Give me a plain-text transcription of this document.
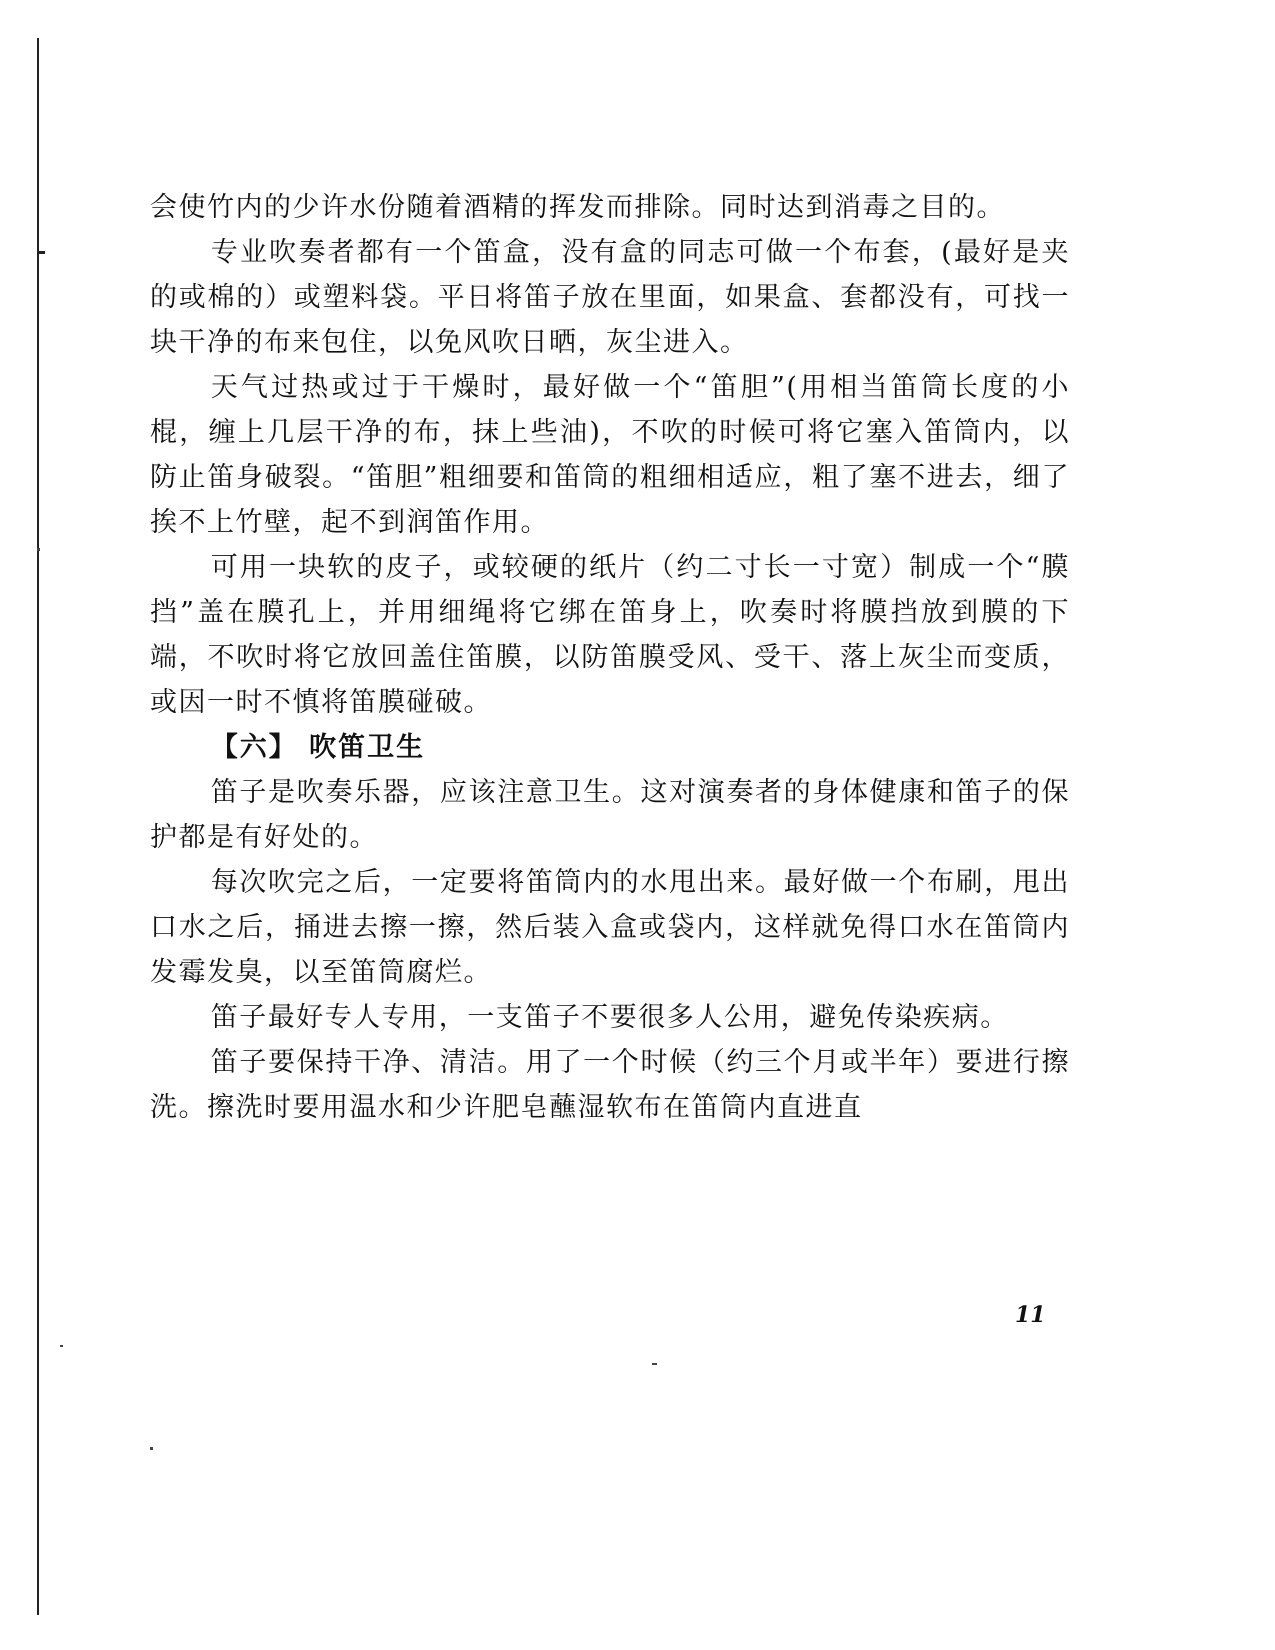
会使竹内的少许水份随着酒精的挥发而排除。同时达到消毒之目的。

专业吹奏者都有一个笛盒，没有盒的同志可做一个布套，(最好是夹的或棉的）或塑料袋。平日将笛子放在里面，如果盒、套都没有，可找一块干净的布来包住，以免风吹日晒，灰尘进入。

天气过热或过于干燥时，最好做一个“笛胆”(用相当笛筒长度的小棍，缠上几层干净的布，抹上些油)，不吹的时候可将它塞入笛筒内，以防止笛身破裂。“笛胆”粗细要和笛筒的粗细相适应，粗了塞不进去，细了挨不上竹壁，起不到润笛作用。

可用一块软的皮子，或较硬的纸片（约二寸长一寸宽）制成一个“膜挡”盖在膜孔上，并用细绳将它绑在笛身上，吹奏时将膜挡放到膜的下端，不吹时将它放回盖住笛膜，以防笛膜受风、受干、落上灰尘而变质，或因一时不慎将笛膜碰破。

【六】 吹笛卫生

笛子是吹奏乐器，应该注意卫生。这对演奏者的身体健康和笛子的保护都是有好处的。

每次吹完之后，一定要将笛筒内的水甩出来。最好做一个布刷，甩出口水之后，捅进去擦一擦，然后装入盒或袋内，这样就免得口水在笛筒内发霉发臭，以至笛筒腐烂。

笛子最好专人专用，一支笛子不要很多人公用，避免传染疾病。

笛子要保持干净、清洁。用了一个时候（约三个月或半年）要进行擦洗。擦洗时要用温水和少许肥皂蘸湿软布在笛筒内直进直

11
